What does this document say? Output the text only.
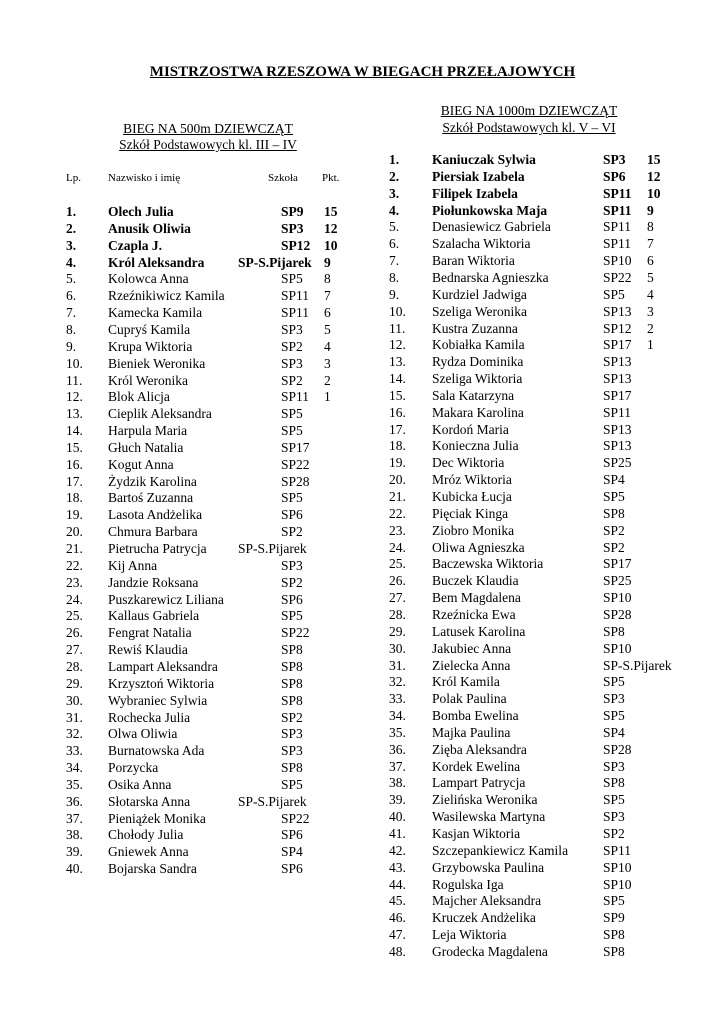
MISTRZOSTWA RZESZOWA W BIEGACH PRZEŁAJOWYCH
BIEG NA 500m DZIEWCZĄT
Szkół Podstawowych kl. III – IV
BIEG NA 1000m DZIEWCZĄT
Szkół Podstawowych kl. V – VI
Lp. Nazwisko i imię	Szkoła Pkt.
1. Olech Julia	SP9 15
2. Anusik Oliwia	SP3 12
3. Czapla J.	SP12 10
4. Król Aleksandra SP-S.Pijarek 9
5. Kolowca Anna	SP5 8
6. Rzeźnikiwicz Kamila	SP11 7
7. Kamecka Kamila	SP11 6
8. Cupryś Kamila	SP3 5
9. Krupa Wiktoria	SP2 4
10. Bieniek Weronika	SP3 3
11. Król Weronika	SP2 2
12. Blok Alicja	SP11 1
13. Cieplik Aleksandra	SP5
14. Harpula Maria	SP5
15. Głuch Natalia	SP17
16. Kogut Anna	SP22
17. Żydzik Karolina	SP28
18. Bartoś Zuzanna	SP5
19. Lasota Andżelika	SP6
20. Chmura Barbara	SP2
21. Pietrucha Patrycja SP-S.Pijarek
22. Kij Anna	SP3
23. Jandzie Roksana	SP2
24. Puszkarewicz Liliana	SP6
25. Kallaus Gabriela	SP5
26. Fengrat Natalia	SP22
27. Rewiś Klaudia	SP8
28. Lampart Aleksandra	SP8
29. Krzysztoń Wiktoria	SP8
30. Wybraniec Sylwia	SP8
31. Rochecka Julia	SP2
32. Olwa Oliwia	SP3
33. Burnatowska Ada	SP3
34. Porzycka	SP8
35. Osika Anna	SP5
36. Słotarska Anna	SP-S.Pijarek
37. Pieniążek Monika	SP22
38. Chołody Julia	SP6
39. Gniewek Anna	SP4
40. Bojarska Sandra	SP6
1. Kaniuczak Sylwia	SP3 15
2. Piersiak Izabela	SP6 12
3. Filipek Izabela	SP11 10
4. Piołunkowska Maja	SP11 9
5. Denasiewicz Gabriela	SP11 8
6. Szalacha Wiktoria	SP11 7
7. Baran Wiktoria	SP10 6
8. Bednarska Agnieszka	SP22 5
9. Kurdziel Jadwiga	SP5 4
10. Szeliga Weronika	SP13 3
11. Kustra Zuzanna	SP12 2
12. Kobiałka Kamila	SP17 1
13. Rydza Dominika	SP13
14. Szeliga Wiktoria	SP13
15. Sala Katarzyna	SP17
16. Makara Karolina	SP11
17. Kordoń Maria	SP13
18. Konieczna Julia	SP13
19. Dec Wiktoria	SP25
20. Mróz Wiktoria	SP4
21. Kubicka Łucja	SP5
22. Pięciak Kinga	SP8
23. Ziobro Monika	SP2
24. Oliwa Agnieszka	SP2
25. Baczewska Wiktoria	SP17
26. Buczek Klaudia	SP25
27. Bem Magdalena	SP10
28. Rzeźnicka Ewa	SP28
29. Latusek Karolina	SP8
30. Jakubiec Anna	SP10
31. Zielecka Anna	SP-S.Pijarek
32. Król Kamila	SP5
33. Polak Paulina	SP3
34. Bomba Ewelina	SP5
35. Majka Paulina	SP4
36. Zięba Aleksandra	SP28
37. Kordek Ewelina	SP3
38. Lampart Patrycja	SP8
39. Zielińska Weronika	SP5
40. Wasilewska Martyna	SP3
41. Kasjan Wiktoria	SP2
42. Szczepankiewicz Kamila	SP11
43. Grzybowska Paulina	SP10
44. Rogulska Iga	SP10
45. Majcher Aleksandra	SP5
46. Kruczek Andżelika	SP9
47. Leja Wiktoria	SP8
48. Grodecka Magdalena	SP8
